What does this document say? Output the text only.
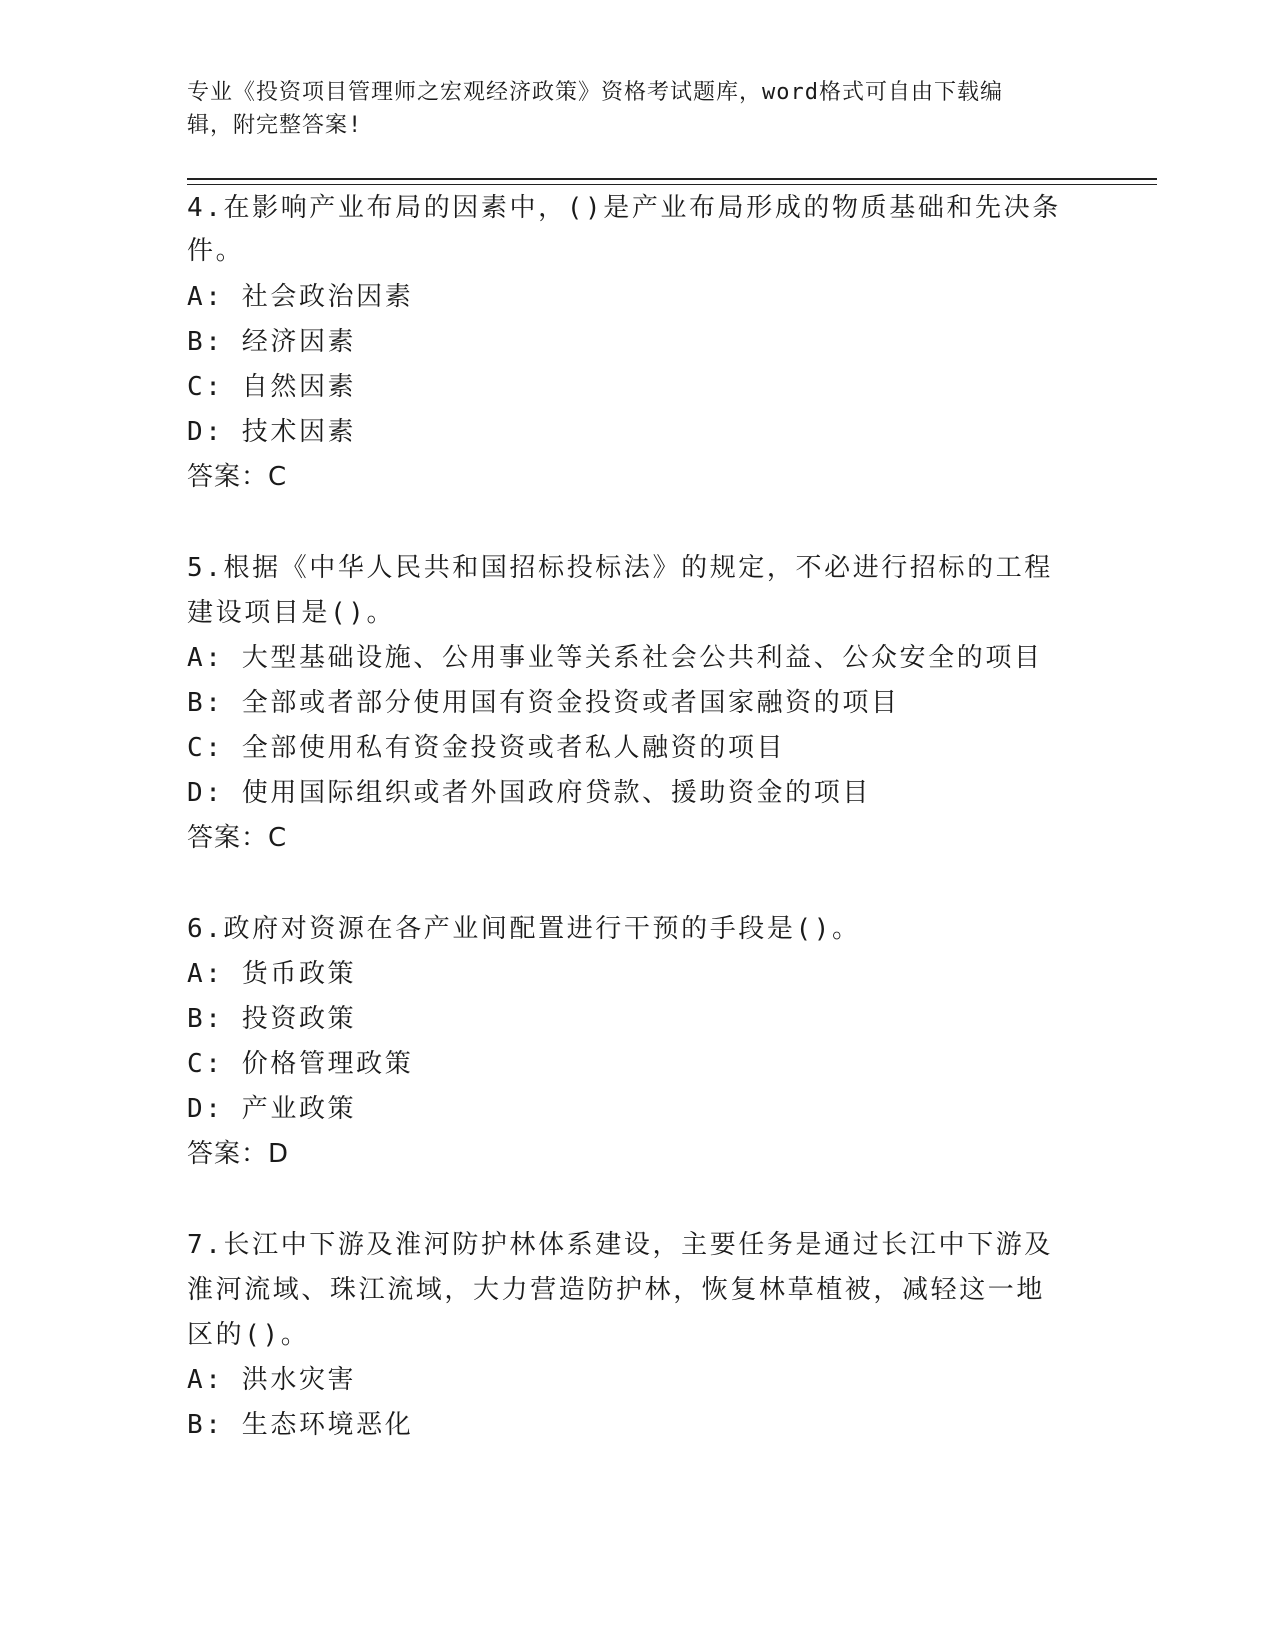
专业《投资项目管理师之宏观经济政策》资格考试题库，word格式可自由下载编
辑，附完整答案!
4.在影响产业布局的因素中，()是产业布局形成的物质基础和先决条
件。
A: 社会政治因素
B: 经济因素
C: 自然因素
D: 技术因素
答案：C
5.根据《中华人民共和国招标投标法》的规定，不必进行招标的工程
建设项目是()。
A: 大型基础设施、公用事业等关系社会公共利益、公众安全的项目
B: 全部或者部分使用国有资金投资或者国家融资的项目
C: 全部使用私有资金投资或者私人融资的项目
D: 使用国际组织或者外国政府贷款、援助资金的项目
答案：C
6.政府对资源在各产业间配置进行干预的手段是()。
A: 货币政策
B: 投资政策
C: 价格管理政策
D: 产业政策
答案：D
7.长江中下游及淮河防护林体系建设，主要任务是通过长江中下游及
淮河流域、珠江流域，大力营造防护林，恢复林草植被，减轻这一地
区的()。
A: 洪水灾害
B: 生态环境恶化
